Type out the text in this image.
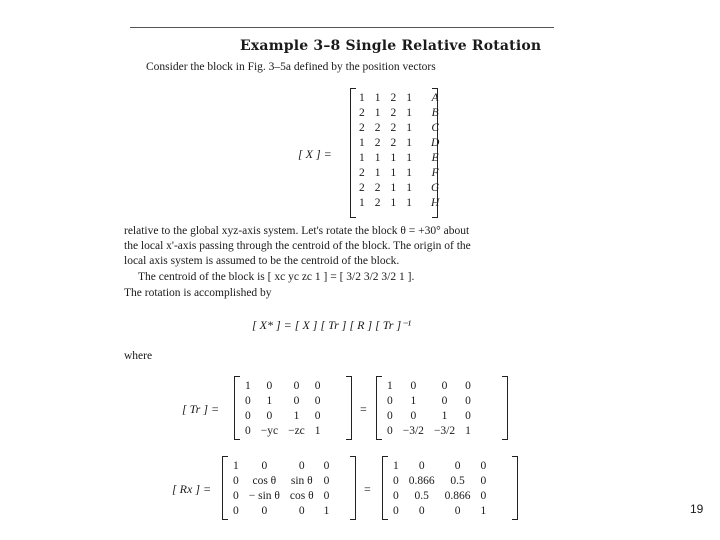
Example 3–8 Single Relative Rotation
Consider the block in Fig. 3–5a defined by the position vectors
[ X ] =
1	1	2	1	A
2	1	2	1	B
2	2	2	1	C
1	2	2	1	D
1	1	1	1	E
2	1	1	1	F
2	2	1	1	G
1	2	1	1	H
relative to the global xyz-axis system. Let's rotate the block θ = +30° about
the local x'-axis passing through the centroid of the block. The origin of the
local axis system is assumed to be the centroid of the block.
The centroid of the block is [ xc yc zc 1 ] = [ 3/2 3/2 3/2 1 ].
The rotation is accomplished by
[ X* ] = [ X ] [ Tr ] [ R ] [ Tr ]⁻¹
where
[ Tr ] =
1	0	0	0
0	1	0	0
0	0	1	0
0	−yc	−zc	1
=
1	0	0	0
0	1	0	0
0	0	1	0
0	−3/2	−3/2	1
[ Rx ] =
1	0	0	0
0	cos θ	sin θ	0
0	− sin θ	cos θ	0
0	0	0	1
=
1	0	0	0
0	0.866	0.5	0
0	0.5	0.866	0
0	0	0	1	19
